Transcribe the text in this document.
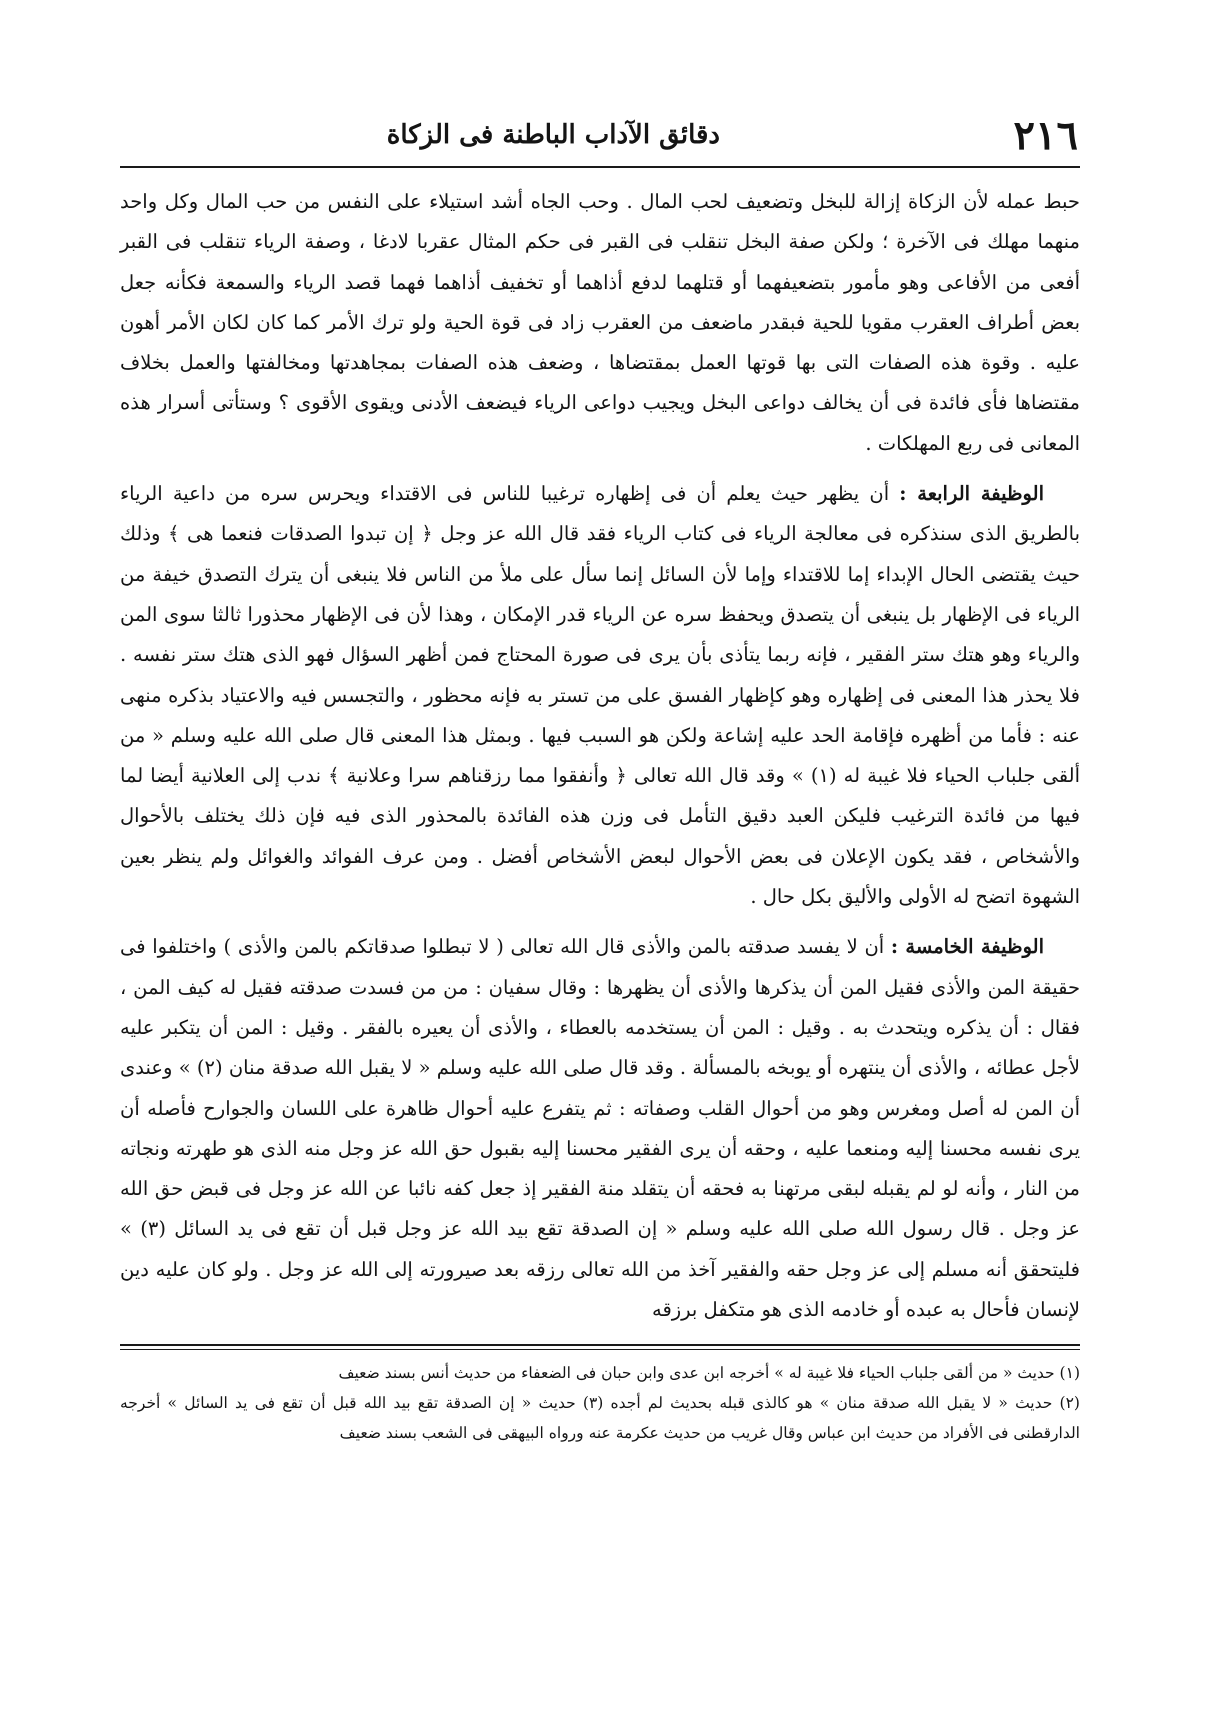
٢١٦
دقائق الآداب الباطنة فى الزكاة

حبط عمله لأن الزكاة إزالة للبخل وتضعيف لحب المال . وحب الجاه أشد استيلاء على النفس من حب المال وكل واحد منهما مهلك فى الآخرة ؛ ولكن صفة البخل تنقلب فى القبر فى حكم المثال عقربا لادغا ، وصفة الرياء تنقلب فى القبر أفعى من الأفاعى وهو مأمور بتضعيفهما أو قتلهما لدفع أذاهما أو تخفيف أذاهما فهما قصد الرياء والسمعة فكأنه جعل بعض أطراف العقرب مقويا للحية فبقدر ماضعف من العقرب زاد فى قوة الحية ولو ترك الأمر كما كان لكان الأمر أهون عليه . وقوة هذه الصفات التى بها قوتها العمل بمقتضاها ، وضعف هذه الصفات بمجاهدتها ومخالفتها والعمل بخلاف مقتضاها فأى فائدة فى أن يخالف دواعى البخل ويجيب دواعى الرياء فيضعف الأدنى ويقوى الأقوى ؟ وستأتى أسرار هذه المعانى فى ربع المهلكات .

الوظيفة الرابعة : أن يظهر حيث يعلم أن فى إظهاره ترغيبا للناس فى الاقتداء ويحرس سره من داعية الرياء بالطريق الذى سنذكره فى معالجة الرياء فى كتاب الرياء فقد قال الله عز وجل ﴿ إن تبدوا الصدقات فنعما هى ﴾ وذلك حيث يقتضى الحال الإبداء إما للاقتداء وإما لأن السائل إنما سأل على ملأ من الناس فلا ينبغى أن يترك التصدق خيفة من الرياء فى الإظهار بل ينبغى أن يتصدق ويحفظ سره عن الرياء قدر الإمكان ، وهذا لأن فى الإظهار محذورا ثالثا سوى المن والرياء وهو هتك ستر الفقير ، فإنه ربما يتأذى بأن يرى فى صورة المحتاج فمن أظهر السؤال فهو الذى هتك ستر نفسه . فلا يحذر هذا المعنى فى إظهاره وهو كإظهار الفسق على من تستر به فإنه محظور ، والتجسس فيه والاعتياد بذكره منهى عنه : فأما من أظهره فإقامة الحد عليه إشاعة ولكن هو السبب فيها . وبمثل هذا المعنى قال صلى الله عليه وسلم « من ألقى جلباب الحياء فلا غيبة له (١) » وقد قال الله تعالى ﴿ وأنفقوا مما رزقناهم سرا وعلانية ﴾ ندب إلى العلانية أيضا لما فيها من فائدة الترغيب فليكن العبد دقيق التأمل فى وزن هذه الفائدة بالمحذور الذى فيه فإن ذلك يختلف بالأحوال والأشخاص ، فقد يكون الإعلان فى بعض الأحوال لبعض الأشخاص أفضل . ومن عرف الفوائد والغوائل ولم ينظر بعين الشهوة اتضح له الأولى والأليق بكل حال .

الوظيفة الخامسة : أن لا يفسد صدقته بالمن والأذى قال الله تعالى ( لا تبطلوا صدقاتكم بالمن والأذى ) واختلفوا فى حقيقة المن والأذى فقيل المن أن يذكرها والأذى أن يظهرها : وقال سفيان : من من فسدت صدقته فقيل له كيف المن ، فقال : أن يذكره ويتحدث به . وقيل : المن أن يستخدمه بالعطاء ، والأذى أن يعيره بالفقر . وقيل : المن أن يتكبر عليه لأجل عطائه ، والأذى أن ينتهره أو يوبخه بالمسألة . وقد قال صلى الله عليه وسلم « لا يقبل الله صدقة منان (٢) » وعندى أن المن له أصل ومغرس وهو من أحوال القلب وصفاته : ثم يتفرع عليه أحوال ظاهرة على اللسان والجوارح فأصله أن يرى نفسه محسنا إليه ومنعما عليه ، وحقه أن يرى الفقير محسنا إليه بقبول حق الله عز وجل منه الذى هو طهرته ونجاته من النار ، وأنه لو لم يقبله لبقى مرتهنا به فحقه أن يتقلد منة الفقير إذ جعل كفه نائبا عن الله عز وجل فى قبض حق الله عز وجل . قال رسول الله صلى الله عليه وسلم « إن الصدقة تقع بيد الله عز وجل قبل أن تقع فى يد السائل (٣) » فليتحقق أنه مسلم إلى عز وجل حقه والفقير آخذ من الله تعالى رزقه بعد صيرورته إلى الله عز وجل . ولو كان عليه دين لإنسان فأحال به عبده أو خادمه الذى هو متكفل برزقه

(١) حديث « من ألقى جلباب الحياء فلا غيبة له » أخرجه ابن عدى وابن حبان فى الضعفاء من حديث أنس بسند ضعيف

(٢) حديث « لا يقبل الله صدقة منان » هو كالذى قبله بحديث لم أجده (٣) حديث « إن الصدقة تقع بيد الله قبل أن تقع فى يد السائل » أخرجه الدارقطنى فى الأفراد من حديث ابن عباس وقال غريب من حديث عكرمة عنه ورواه البيهقى فى الشعب بسند ضعيف
